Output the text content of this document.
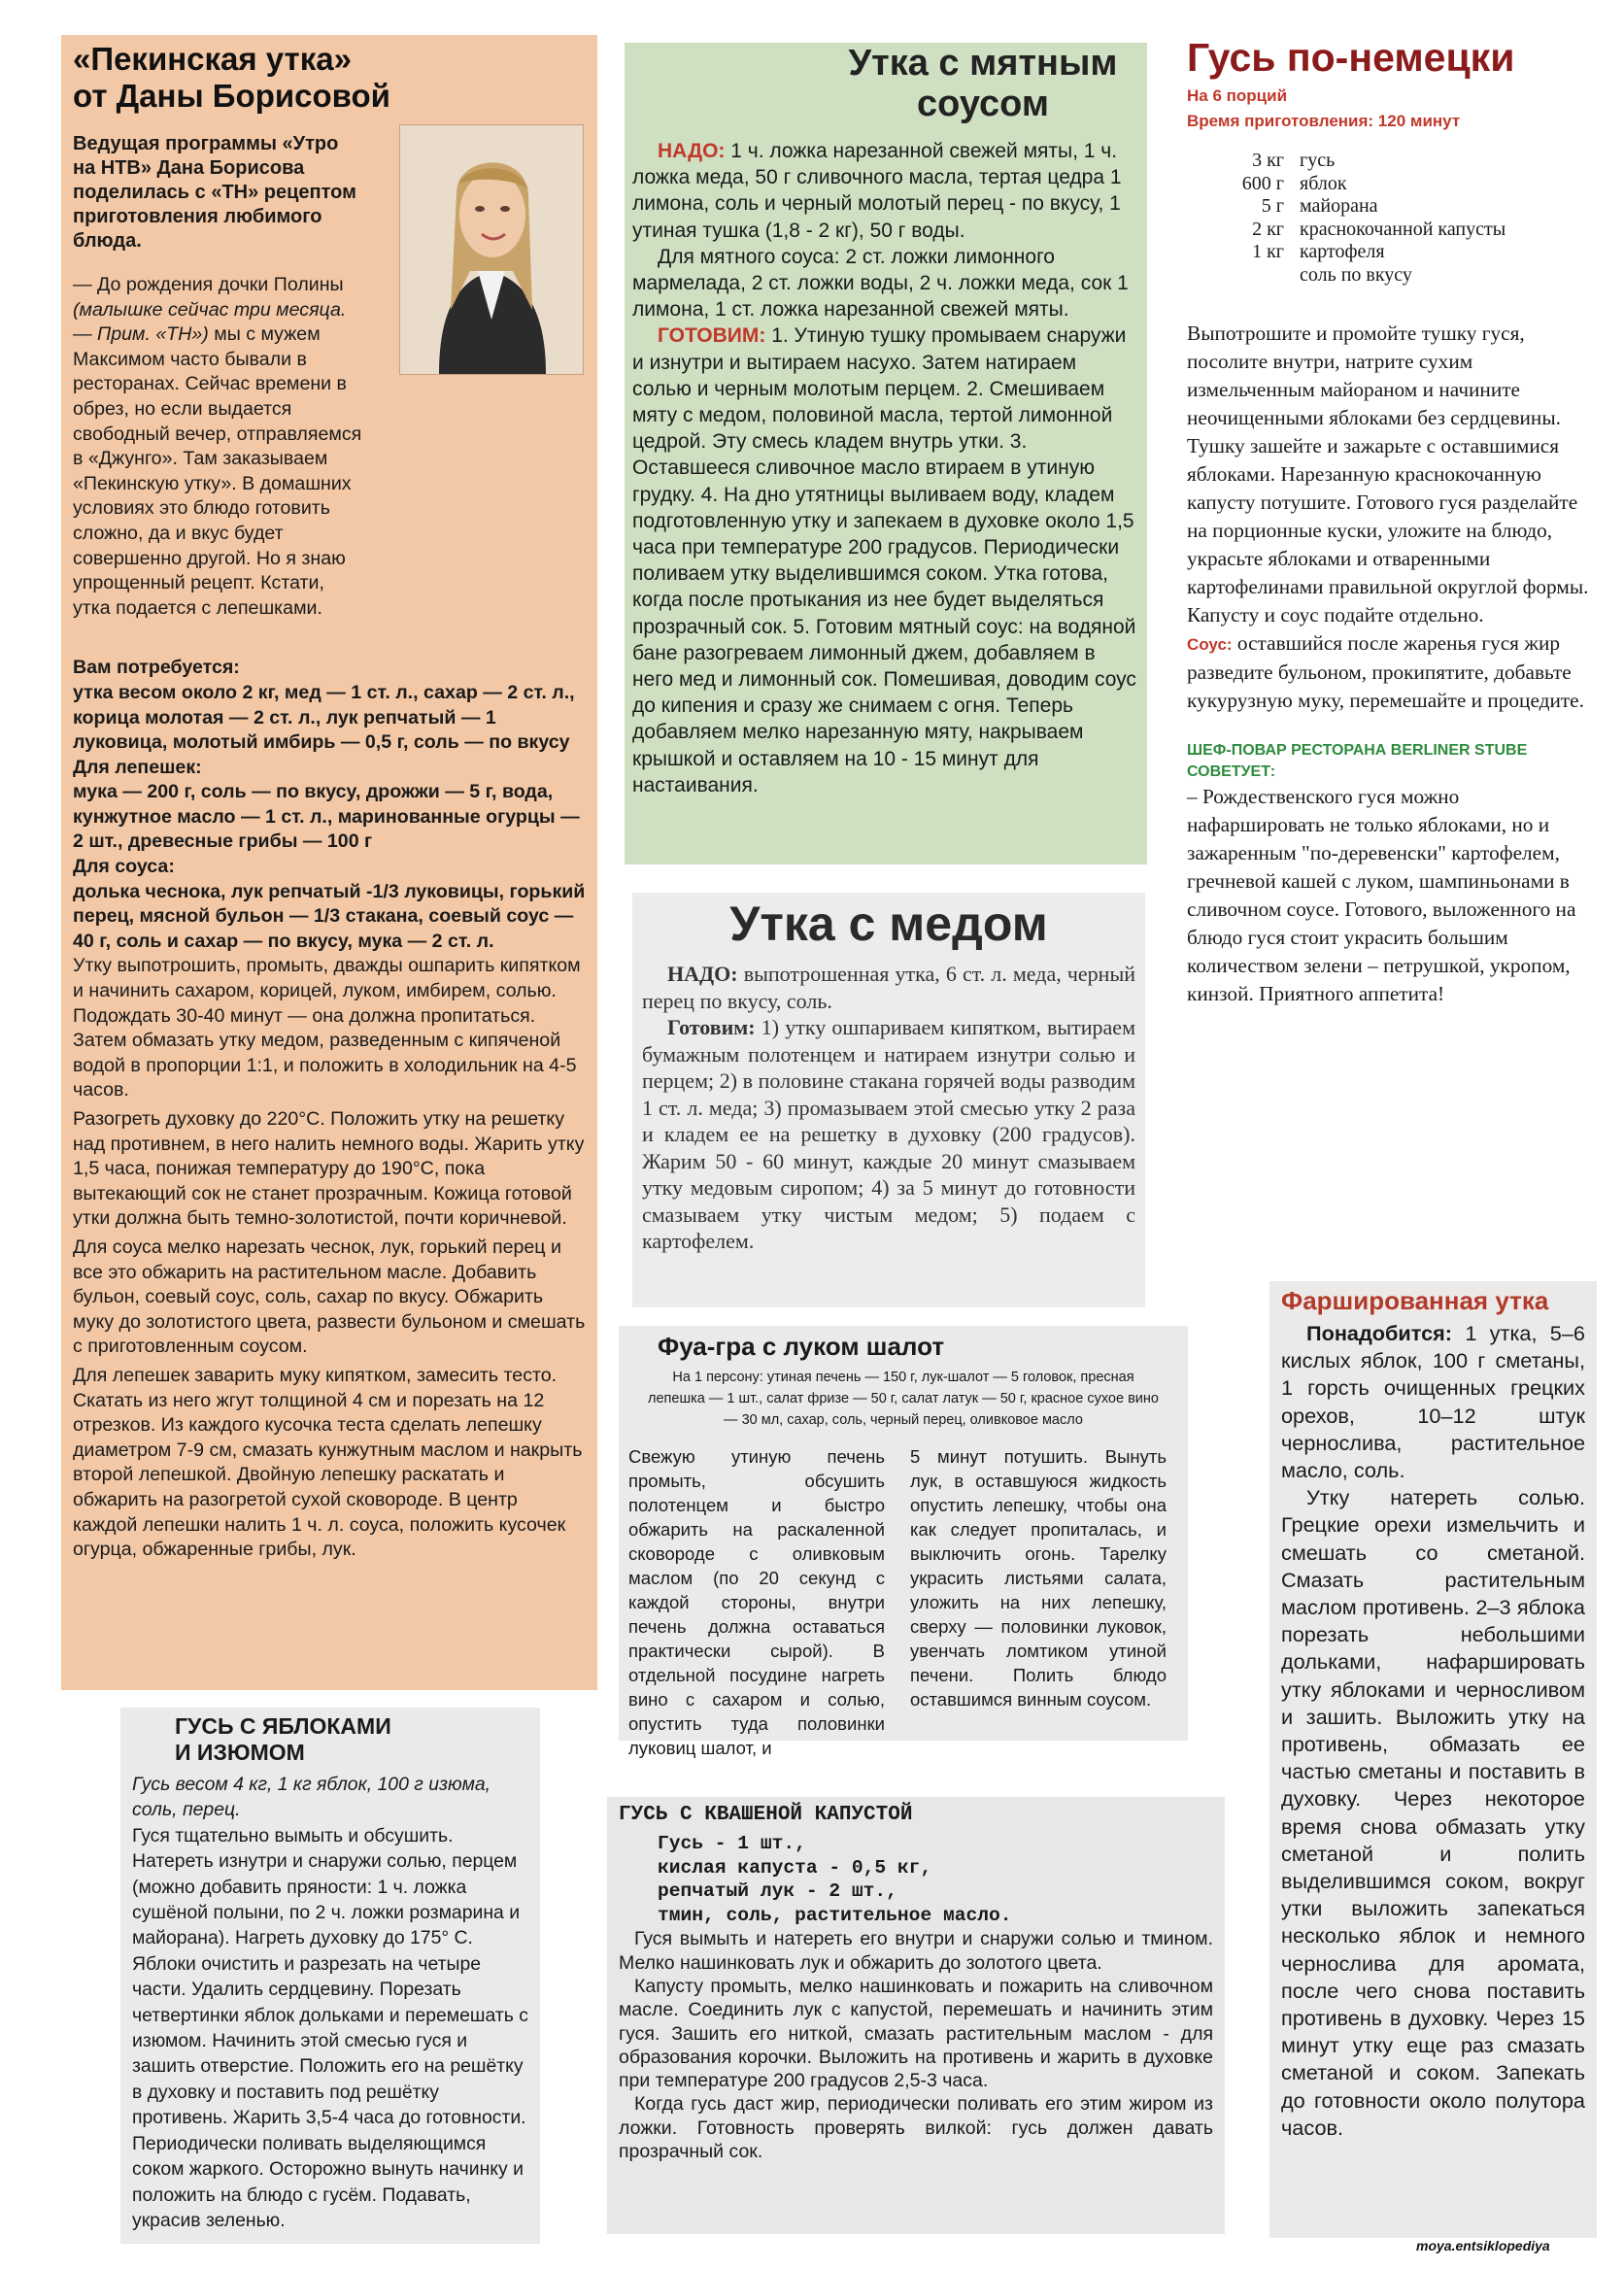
«Пекинская утка»
от Даны Борисовой

Ведущая программы «Утро на НТВ» Дана Борисова поделилась с «ТН» рецептом приготовления любимого блюда.

— До рождения дочки Полины (малышке сейчас три месяца. — Прим. «ТН») мы с мужем Максимом часто бывали в ресторанах. Сейчас времени в обрез, но если выдается свободный вечер, отправляемся в «Джунго». Там заказываем «Пекинскую утку». В домашних условиях это блюдо готовить сложно, да и вкус будет совершенно другой. Но я знаю упрощенный рецепт. Кстати, утка подается с лепешками.

Вам потребуется:

утка весом около 2 кг, мед — 1 ст. л., сахар — 2 ст. л., корица молотая — 2 ст. л., лук репчатый — 1 луковица, молотый имбирь — 0,5 г, соль — по вкусу

Для лепешек:

мука — 200 г, соль — по вкусу, дрожжи — 5 г, вода, кунжутное масло — 1 ст. л., маринованные огурцы — 2 шт., древесные грибы — 100 г

Для соуса:

долька чеснока, лук репчатый -1/3 луковицы, горький перец, мясной бульон — 1/3 стакана, соевый соус — 40 г, соль и сахар — по вкусу, мука — 2 ст. л.

Утку выпотрошить, промыть, дважды ошпарить кипятком и начинить сахаром, корицей, луком, имбирем, солью. Подождать 30-40 минут — она должна пропитаться. Затем обмазать утку медом, разведенным с кипяченой водой в пропорции 1:1, и положить в холодильник на 4-5 часов.

Разогреть духовку до 220°С. Положить утку на решетку над противнем, в него налить немного воды. Жарить утку 1,5 часа, понижая температуру до 190°С, пока вытекающий сок не станет прозрачным. Кожица готовой утки должна быть темно-золотистой, почти коричневой.

Для соуса мелко нарезать чеснок, лук, горький перец и все это обжарить на растительном масле. Добавить бульон, соевый соус, соль, сахар по вкусу. Обжарить муку до золотистого цвета, развести бульоном и смешать с приготовленным соусом.

Для лепешек заварить муку кипятком, замесить тесто. Скатать из него жгут толщиной 4 см и порезать на 12 отрезков. Из каждого кусочка теста сделать лепешку диаметром 7-9 см, смазать кунжутным маслом и накрыть второй лепешкой. Двойную лепешку раскатать и обжарить на разогретой сухой сковороде. В центр каждой лепешки налить 1 ч. л. соуса, положить кусочек огурца, обжаренные грибы, лук.

Утка с мятным соусом

НАДО: 1 ч. ложка нарезанной свежей мяты, 1 ч. ложка меда, 50 г сливочного масла, тертая цедра 1 лимона, соль и черный молотый перец - по вкусу, 1 утиная тушка (1,8 - 2 кг), 50 г воды.

Для мятного соуса: 2 ст. ложки лимонного мармелада, 2 ст. ложки воды, 2 ч. ложки меда, сок 1 лимона, 1 ст. ложка нарезанной свежей мяты.

ГОТОВИМ: 1. Утиную тушку промываем снаружи и изнутри и вытираем насухо. Затем натираем солью и черным молотым перцем. 2. Смешиваем мяту с медом, половиной масла, тертой лимонной цедрой. Эту смесь кладем внутрь утки. 3. Оставшееся сливочное масло втираем в утиную грудку. 4. На дно утятницы выливаем воду, кладем подготовленную утку и запекаем в духовке около 1,5 часа при температуре 200 градусов. Периодически поливаем утку выделившимся соком. Утка готова, когда после протыкания из нее будет выделяться прозрачный сок. 5. Готовим мятный соус: на водяной бане разогреваем лимонный джем, добавляем в него мед и лимонный сок. Помешивая, доводим соус до кипения и сразу же снимаем с огня. Теперь добавляем мелко нарезанную мяту, накрываем крышкой и оставляем на 10 - 15 минут для настаивания.

Гусь по-немецки

На 6 порций

Время приготовления: 120 минут

3 кг	гусь
600 г	яблок
5 г	майорана
2 кг	краснокочанной капусты
1 кг	картофеля
	соль по вкусу

Выпотрошите и промойте тушку гуся, посолите внутри, натрите сухим измельченным майораном и начините неочищенными яблоками без сердцевины. Тушку зашейте и зажарьте с оставшимися яблоками. Нарезанную краснокочанную капусту потушите. Готового гуся разделайте на порционные куски, уложите на блюдо, украсьте яблоками и отваренными картофелинами правильной округлой формы. Капусту и соус подайте отдельно.

Соус: оставшийся после жаренья гуся жир разведите бульоном, прокипятите, добавьте кукурузную муку, перемешайте и процедите.

ШЕФ-ПОВАР РЕСТОРАНА BERLINER STUBE
СОВЕТУЕТ:

– Рождественского гуся можно нафаршировать не только яблоками, но и зажаренным "по-деревенски" картофелем, гречневой кашей с луком, шампиньонами в сливочном соусе. Готового, выложенного на блюдо гуся стоит украсить большим количеством зелени – петрушкой, укропом, кинзой. Приятного аппетита!

Утка с медом

НАДО: выпотрошенная утка, 6 ст. л. меда, черный перец по вкусу, соль.

Готовим: 1) утку ошпариваем кипятком, вытираем бумажным полотенцем и натираем изнутри солью и перцем; 2) в половине стакана горячей воды разводим 1 ст. л. меда; 3) промазываем этой смесью утку 2 раза и кладем ее на решетку в духовку (200 градусов). Жарим 50 - 60 минут, каждые 20 минут смазываем утку медовым сиропом; 4) за 5 минут до готовности смазываем утку чистым медом; 5) подаем с картофелем.

Фуа-гра с луком шалот

На 1 персону: утиная печень — 150 г, лук-шалот — 5 головок, пресная лепешка — 1 шт., салат фризе — 50 г, салат латук — 50 г, красное сухое вино — 30 мл, сахар, соль, черный перец, оливковое масло

Свежую утиную печень промыть, обсушить полотенцем и быстро обжарить на раскаленной сковороде с оливковым маслом (по 20 секунд с каждой стороны, внутри печень должна оставаться практически сырой). В отдельной посудине нагреть вино с сахаром и солью, опустить туда половинки луковиц шалот, и

5 минут потушить. Вынуть лук, в оставшуюся жидкость опустить лепешку, чтобы она как следует пропиталась, и выключить огонь. Тарелку украсить листьями салата, уложить на них лепешку, сверху — половинки луковок, увенчать ломтиком утиной печени. Полить блюдо оставшимся винным соусом.

Фаршированная утка

Понадобится: 1 утка, 5–6 кислых яблок, 100 г сметаны, 1 горсть очищенных грецких орехов, 10–12 штук чернослива, растительное масло, соль.

Утку натереть солью. Грецкие орехи измельчить и смешать со сметаной. Смазать растительным маслом противень. 2–3 яблока порезать небольшими дольками, нафаршировать утку яблоками и черносливом и зашить. Выложить утку на противень, обмазать ее частью сметаны и поставить в духовку. Через некоторое время снова обмазать утку сметаной и полить выделившимся соком, вокруг утки выложить запекаться несколько яблок и немного чернослива для аромата, после чего снова поставить противень в духовку. Через 15 минут утку еще раз смазать сметаной и соком. Запекать до готовности около полутора часов.

ГУСЬ С ЯБЛОКАМИ
И ИЗЮМОМ

Гусь весом 4 кг, 1 кг яблок, 100 г изюма, соль, перец.

Гуся тщательно вымыть и обсушить. Натереть изнутри и снаружи солью, перцем (можно добавить пряности: 1 ч. ложка сушёной полыни, по 2 ч. ложки розмарина и майорана). Нагреть духовку до 175° С. Яблоки очистить и разрезать на четыре части. Удалить сердцевину. Порезать четвертинки яблок дольками и перемешать с изюмом. Начинить этой смесью гуся и зашить отверстие. Положить его на решётку в духовку и поставить под решётку противень. Жарить 3,5-4 часа до готовности. Периодически поливать выделяющимся соком жаркого. Осторожно вынуть начинку и положить на блюдо с гусём. Подавать, украсив зеленью.

ГУСЬ С КВАШЕНОЙ КАПУСТОЙ
Гусь - 1 шт.,
кислая капуста - 0,5 кг,
репчатый лук - 2 шт.,
тмин, соль, растительное масло.

Гуся вымыть и натереть его внутри и снаружи солью и тмином. Мелко нашинковать лук и обжарить до золотого цвета.

Капусту промыть, мелко нашинковать и пожарить на сливочном масле. Соединить лук с капустой, перемешать и начинить этим гуся. Зашить его ниткой, смазать растительным маслом - для образования корочки. Выложить на противень и жарить в духовке при температуре 200 градусов 2,5-3 часа.

Когда гусь даст жир, периодически поливать его этим жиром из ложки. Готовность проверять вилкой: гусь должен давать прозрачный сок.

moya.entsiklopediya
